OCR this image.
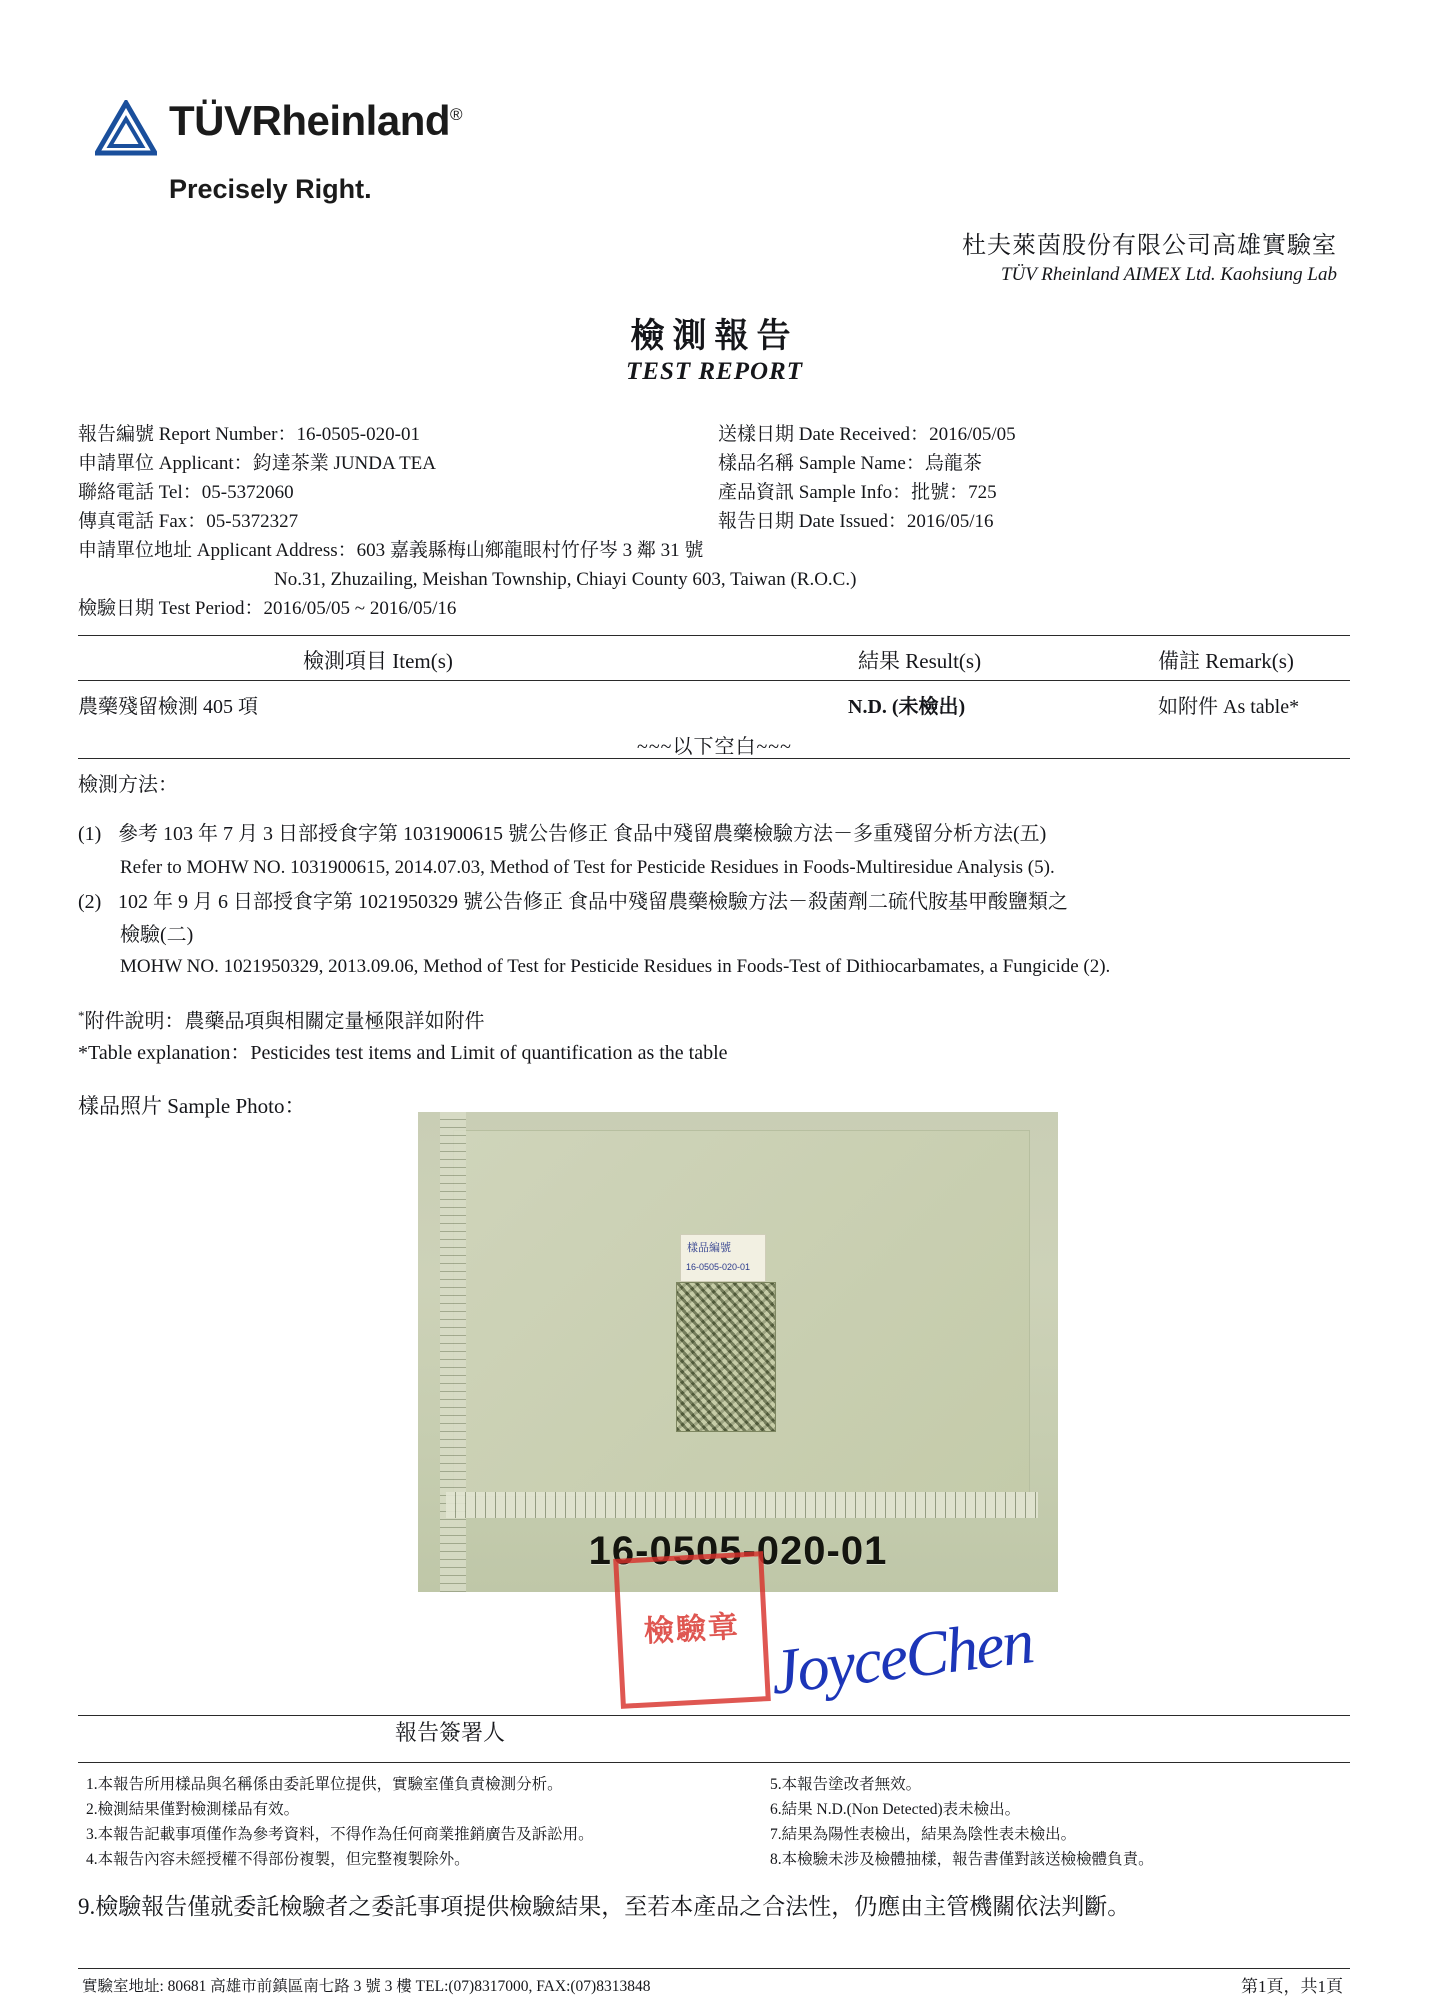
TÜVRheinland®
Precisely Right.
杜夫萊茵股份有限公司高雄實驗室
TÜV Rheinland AIMEX Ltd. Kaohsiung Lab
檢測報告
TEST REPORT
報告編號 Report Number： 16-0505-020-01	送樣日期 Date Received： 2016/05/05
申請單位 Applicant： 鈞達茶業 JUNDA TEA	樣品名稱 Sample Name： 烏龍茶
聯絡電話 Tel： 05-5372060	產品資訊 Sample Info： 批號：725
傳真電話 Fax： 05-5372327	報告日期 Date Issued： 2016/05/16
申請單位地址 Applicant Address：603 嘉義縣梅山鄉龍眼村竹仔岑 3 鄰 31 號
No.31, Zhuzailing, Meishan Township, Chiayi County 603, Taiwan (R.O.C.)
檢驗日期 Test Period：2016/05/05 ~ 2016/05/16
檢測項目 Item(s)	結果 Result(s)	備註 Remark(s)
農藥殘留檢測 405 項	N.D. (未檢出)	如附件 As table*
~~~以下空白~~~
檢測方法：
(1) 參考 103 年 7 月 3 日部授食字第 1031900615 號公告修正 食品中殘留農藥檢驗方法－多重殘留分析方法(五)
Refer to MOHW NO. 1031900615, 2014.07.03, Method of Test for Pesticide Residues in Foods-Multiresidue Analysis (5).
(2) 102 年 9 月 6 日部授食字第 1021950329 號公告修正 食品中殘留農藥檢驗方法－殺菌劑二硫代胺基甲酸鹽類之
檢驗(二)
MOHW NO. 1021950329, 2013.09.06, Method of Test for Pesticide Residues in Foods-Test of Dithiocarbamates, a Fungicide (2).
*附件說明：農藥品項與相關定量極限詳如附件
*Table explanation：Pesticides test items and Limit of quantification as the table
樣品照片 Sample Photo：
樣品編號
16-0505-020-01
16-0505-020-01
檢驗章 JoyceChen
報告簽署人
1.本報告所用樣品與名稱係由委託單位提供，實驗室僅負責檢測分析。
2.檢測結果僅對檢測樣品有效。
3.本報告記載事項僅作為參考資料，不得作為任何商業推銷廣告及訴訟用。
4.本報告內容未經授權不得部份複製，但完整複製除外。
5.本報告塗改者無效。
6.結果 N.D.(Non Detected)表未檢出。
7.結果為陽性表檢出，結果為陰性表未檢出。
8.本檢驗未涉及檢體抽樣，報告書僅對該送檢檢體負責。
9.檢驗報告僅就委託檢驗者之委託事項提供檢驗結果，至若本產品之合法性，仍應由主管機關依法判斷。
實驗室地址: 80681 高雄市前鎮區南七路 3 號 3 樓 TEL:(07)8317000, FAX:(07)8313848	第1頁，共1頁
